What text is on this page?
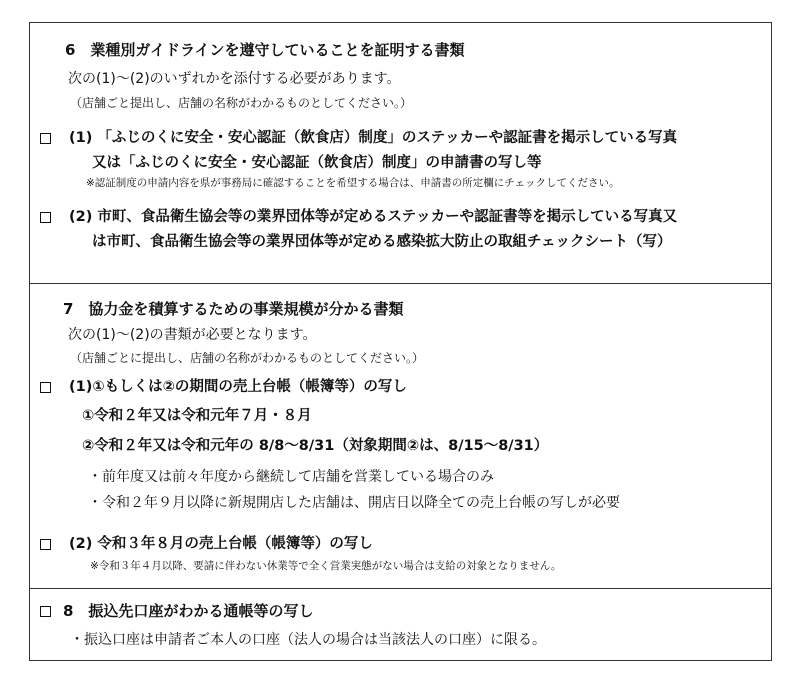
6　業種別ガイドラインを遵守していることを証明する書類
次の(1)～(2)のいずれかを添付する必要があります。
（店舗ごと提出し、店舗の名称がわかるものとしてください。）
(1) 「ふじのくに安全・安心認証（飲食店）制度」のステッカーや認証書を掲示している写真
又は「ふじのくに安全・安心認証（飲食店）制度」の申請書の写し等
※認証制度の申請内容を県が事務局に確認することを希望する場合は、申請書の所定欄にチェックしてください。
(2) 市町、食品衛生協会等の業界団体等が定めるステッカーや認証書等を掲示している写真又
は市町、食品衛生協会等の業界団体等が定める感染拡大防止の取組チェックシート（写）
7　協力金を積算するための事業規模が分かる書類
次の(1)～(2)の書類が必要となります。
（店舗ごとに提出し、店舗の名称がわかるものとしてください。）
(1)①もしくは②の期間の売上台帳（帳簿等）の写し
①令和２年又は令和元年７月・８月
②令和２年又は令和元年の 8/8～8/31（対象期間②は、8/15～8/31）
・前年度又は前々年度から継続して店舗を営業している場合のみ
・令和２年９月以降に新規開店した店舗は、開店日以降全ての売上台帳の写しが必要
(2) 令和３年８月の売上台帳（帳簿等）の写し
※令和３年４月以降、要請に伴わない休業等で全く営業実態がない場合は支給の対象となりません。
8　振込先口座がわかる通帳等の写し
・振込口座は申請者ご本人の口座（法人の場合は当該法人の口座）に限る。
